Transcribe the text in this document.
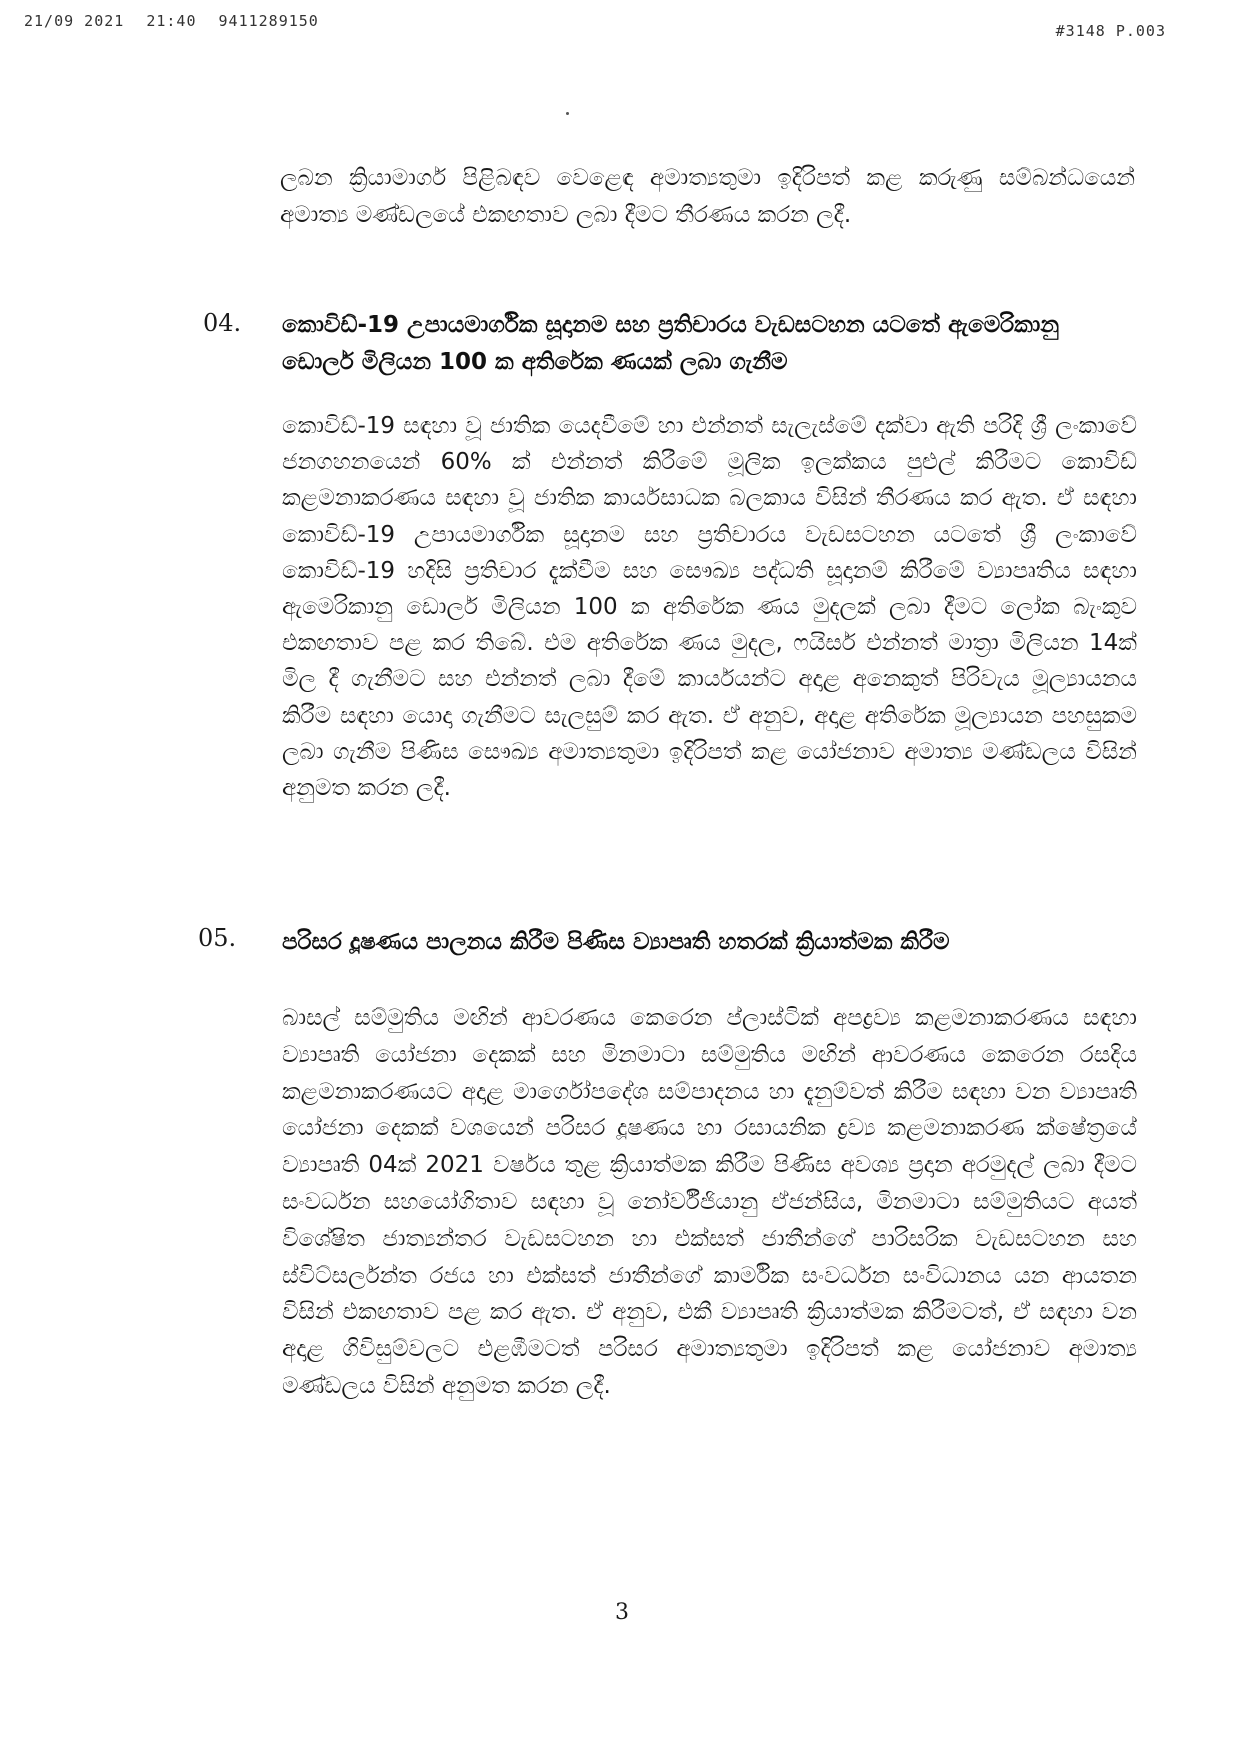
21/09 2021 21:40 9411289150
#3148 P.003
ලබන ක්‍රියාමාර්ග පිළිබඳව වෙළෙඳ අමාත්‍යතුමා ඉදිරිපත් කළ කරුණු සම්බන්ධයෙන් අමාත්‍ය මණ්ඩලයේ එකඟතාව ලබා දීමට තීරණය කරන ලදී.
04. කොවිඩ්-19 උපායමාර්ගික සූදානම සහ ප්‍රතිචාරය වැඩසටහන යටතේ ඇමෙරිකානු ඩොලර් මිලියන 100 ක අතිරේක ණයක් ලබා ගැනීම
කොවිඩ්-19 සඳහා වූ ජාතික යෙදවීමේ හා එන්නත් සැලැස්මේ දක්වා ඇති පරිදි ශ්‍රී ලංකාවේ ජනගහනයෙන් 60% ක් එන්නත් කිරීමේ මූලික ඉලක්කය පුළුල් කිරීමට කොවිඩ් කළමනාකරණය සඳහා වූ ජාතික කාර්යසාධක බලකාය විසින් තීරණය කර ඇත. ඒ සඳහා කොවිඩ්-19 උපායමාර්ගික සූදානම සහ ප්‍රතිචාරය වැඩසටහන යටතේ ශ්‍රී ලංකාවේ කොවිඩ්-19 හදිසි ප්‍රතිචාර දැක්වීම සහ සෞඛ්‍ය පද්ධති සූදානම් කිරීමේ ව්‍යාපෘතිය සඳහා ඇමෙරිකානු ඩොලර් මිලියන 100 ක අතිරේක ණය මුදලක් ලබා දීමට ලෝක බැංකුව එකඟතාව පළ කර තිබේ. එම අතිරේක ණය මුදල, ෆයිසර් එන්නත් මාත්‍රා මිලියන 14ක් මිල දී ගැනීමට සහ එන්නත් ලබා දීමේ කාර්යයන්ට අදාළ අනෙකුත් පිරිවැය මූල්‍යායනය කිරීම සඳහා යොදා ගැනීමට සැලසුම් කර ඇත. ඒ අනුව, අදාළ අතිරේක මූල්‍යායන පහසුකම ලබා ගැනීම පිණිස සෞඛ්‍ය අමාත්‍යතුමා ඉදිරිපත් කළ යෝජනාව අමාත්‍ය මණ්ඩලය විසින් අනුමත කරන ලදී.
05. පරිසර දූෂණය පාලනය කිරීම පිණිස ව්‍යාපෘති හතරක් ක්‍රියාත්මක කිරීම
බාසල් සම්මුතිය මඟින් ආවරණය කෙරෙන ප්ලාස්ටික් අපද්‍රව්‍ය කළමනාකරණය සඳහා ව්‍යාපෘති යෝජනා දෙකක් සහ මිනමාටා සම්මුතිය මඟින් ආවරණය කෙරෙන රසදිය කළමනාකරණයට අදාළ මාර්ගෝපදේශ සම්පාදනය හා දැනුම්වත් කිරීම සඳහා වන ව්‍යාපෘති යෝජනා දෙකක් වශයෙන් පරිසර දූෂණය හා රසායනික ද්‍රව්‍ය කළමනාකරණ ක්ෂේත්‍රයේ ව්‍යාපෘති 04ක් 2021 වර්ෂය තුළ ක්‍රියාත්මක කිරීම පිණිස අවශ්‍ය ප්‍රදාන අරමුදල් ලබා දීමට සංවර්ධන සහයෝගිතාව සඳහා වූ නෝර්වීජියානු ඒජන්සිය, මිනමාටා සම්මුතියට අයත් විශේෂිත ජාත්‍යන්තර වැඩසටහන හා එක්සත් ජාතීන්ගේ පාරිසරික වැඩසටහන සහ ස්විට්සර්ලන්ත රජය හා එක්සත් ජාතීන්ගේ කාර්මික සංවර්ධන සංවිධානය යන ආයතන විසින් එකඟතාව පළ කර ඇත. ඒ අනුව, එකී ව්‍යාපෘති ක්‍රියාත්මක කිරීමටත්, ඒ සඳහා වන අදාළ ගිවිසුම්වලට එළඹීමටත් පරිසර අමාත්‍යතුමා ඉදිරිපත් කළ යෝජනාව අමාත්‍ය මණ්ඩලය විසින් අනුමත කරන ලදී.
3
